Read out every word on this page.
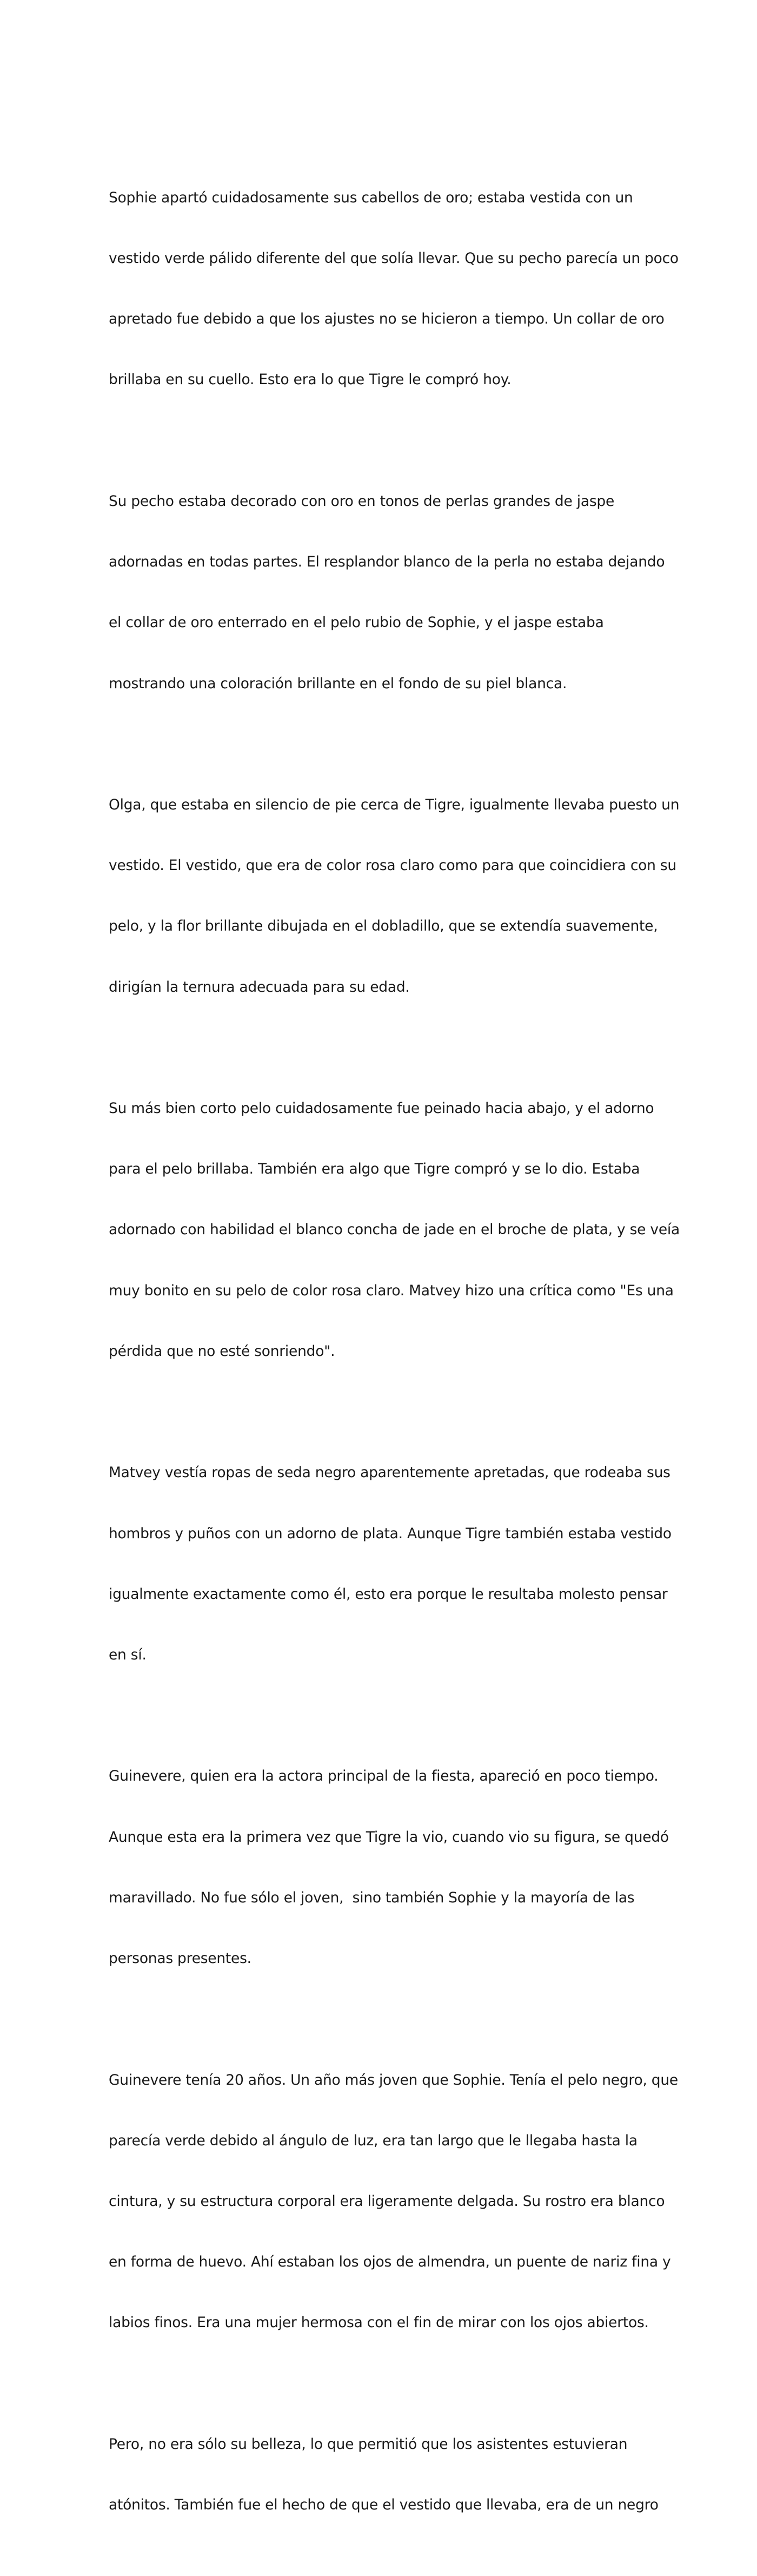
Sophie apartó cuidadosamente sus cabellos de oro; estaba vestida con un

vestido verde pálido diferente del que solía llevar. Que su pecho parecía un poco

apretado fue debido a que los ajustes no se hicieron a tiempo. Un collar de oro

brillaba en su cuello. Esto era lo que Tigre le compró hoy.

Su pecho estaba decorado con oro en tonos de perlas grandes de jaspe

adornadas en todas partes. El resplandor blanco de la perla no estaba dejando

el collar de oro enterrado en el pelo rubio de Sophie, y el jaspe estaba

mostrando una coloración brillante en el fondo de su piel blanca.

Olga, que estaba en silencio de pie cerca de Tigre, igualmente llevaba puesto un

vestido. El vestido, que era de color rosa claro como para que coincidiera con su

pelo, y la flor brillante dibujada en el dobladillo, que se extendía suavemente,

dirigían la ternura adecuada para su edad.

Su más bien corto pelo cuidadosamente fue peinado hacia abajo, y el adorno

para el pelo brillaba. También era algo que Tigre compró y se lo dio. Estaba

adornado con habilidad el blanco concha de jade en el broche de plata, y se veía

muy bonito en su pelo de color rosa claro. Matvey hizo una crítica como "Es una

pérdida que no esté sonriendo".

Matvey vestía ropas de seda negro aparentemente apretadas, que rodeaba sus

hombros y puños con un adorno de plata. Aunque Tigre también estaba vestido

igualmente exactamente como él, esto era porque le resultaba molesto pensar

en sí.

Guinevere, quien era la actora principal de la fiesta, apareció en poco tiempo.

Aunque esta era la primera vez que Tigre la vio, cuando vio su figura, se quedó

maravillado. No fue sólo el joven,  sino también Sophie y la mayoría de las

personas presentes.

Guinevere tenía 20 años. Un año más joven que Sophie. Tenía el pelo negro, que

parecía verde debido al ángulo de luz, era tan largo que le llegaba hasta la

cintura, y su estructura corporal era ligeramente delgada. Su rostro era blanco

en forma de huevo. Ahí estaban los ojos de almendra, un puente de nariz fina y

labios finos. Era una mujer hermosa con el fin de mirar con los ojos abiertos.

Pero, no era sólo su belleza, lo que permitió que los asistentes estuvieran

atónitos. También fue el hecho de que el vestido que llevaba, era de un negro
